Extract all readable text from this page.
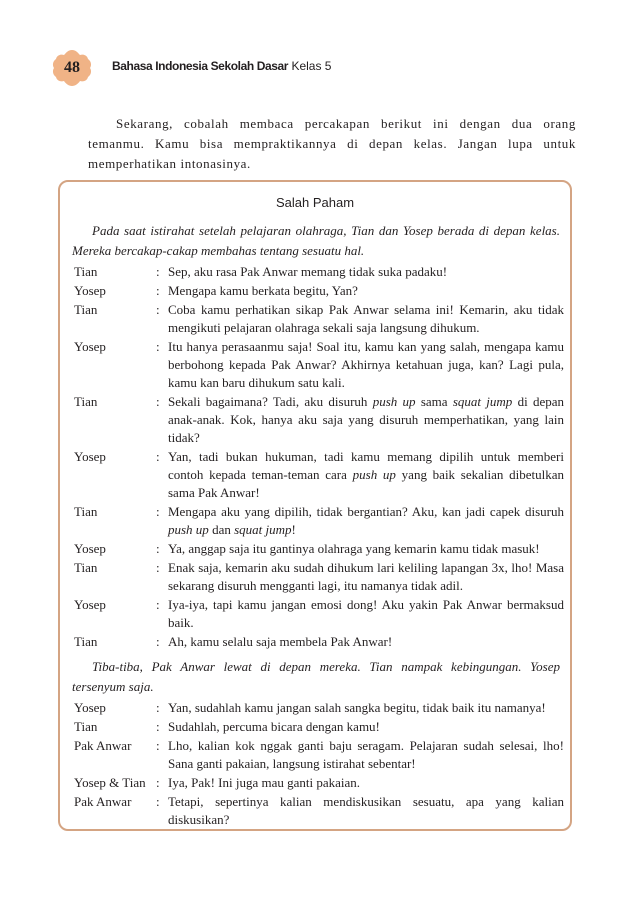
48	Bahasa Indonesia Sekolah Dasar Kelas 5
Sekarang, cobalah membaca percakapan berikut ini dengan dua orang temanmu. Kamu bisa mempraktikannya di depan kelas. Jangan lupa untuk memperhatikan intonasinya.
Salah Paham
Pada saat istirahat setelah pelajaran olahraga, Tian dan Yosep berada di depan kelas. Mereka bercakap-cakap membahas tentang sesuatu hal.
Tian	: Sep, aku rasa Pak Anwar memang tidak suka padaku!
Yosep	: Mengapa kamu berkata begitu, Yan?
Tian	: Coba kamu perhatikan sikap Pak Anwar selama ini! Kemarin, aku tidak mengikuti pelajaran olahraga sekali saja langsung dihukum.
Yosep	: Itu hanya perasaanmu saja! Soal itu, kamu kan yang salah, mengapa kamu berbohong kepada Pak Anwar? Akhirnya ketahuan juga, kan? Lagi pula, kamu kan baru dihukum satu kali.
Tian	: Sekali bagaimana? Tadi, aku disuruh push up sama squat jump di depan anak-anak. Kok, hanya aku saja yang disuruh memperhatikan, yang lain tidak?
Yosep	: Yan, tadi bukan hukuman, tadi kamu memang dipilih untuk memberi contoh kepada teman-teman cara push up yang baik sekalian dibetulkan sama Pak Anwar!
Tian	: Mengapa aku yang dipilih, tidak bergantian? Aku, kan jadi capek disuruh push up dan squat jump!
Yosep	: Ya, anggap saja itu gantinya olahraga yang kemarin kamu tidak masuk!
Tian	: Enak saja, kemarin aku sudah dihukum lari keliling lapangan 3x, lho! Masa sekarang disuruh mengganti lagi, itu namanya tidak adil.
Yosep	: Iya-iya, tapi kamu jangan emosi dong! Aku yakin Pak Anwar bermaksud baik.
Tian	: Ah, kamu selalu saja membela Pak Anwar!
Tiba-tiba, Pak Anwar lewat di depan mereka. Tian nampak kebingungan. Yosep tersenyum saja.
Yosep	: Yan, sudahlah kamu jangan salah sangka begitu, tidak baik itu namanya!
Tian	: Sudahlah, percuma bicara dengan kamu!
Pak Anwar	: Lho, kalian kok nggak ganti baju seragam. Pelajaran sudah selesai, lho! Sana ganti pakaian, langsung istirahat sebentar!
Yosep & Tian : Iya, Pak! Ini juga mau ganti pakaian.
Pak Anwar	: Tetapi, sepertinya kalian mendiskusikan sesuatu, apa yang kalian diskusikan?
